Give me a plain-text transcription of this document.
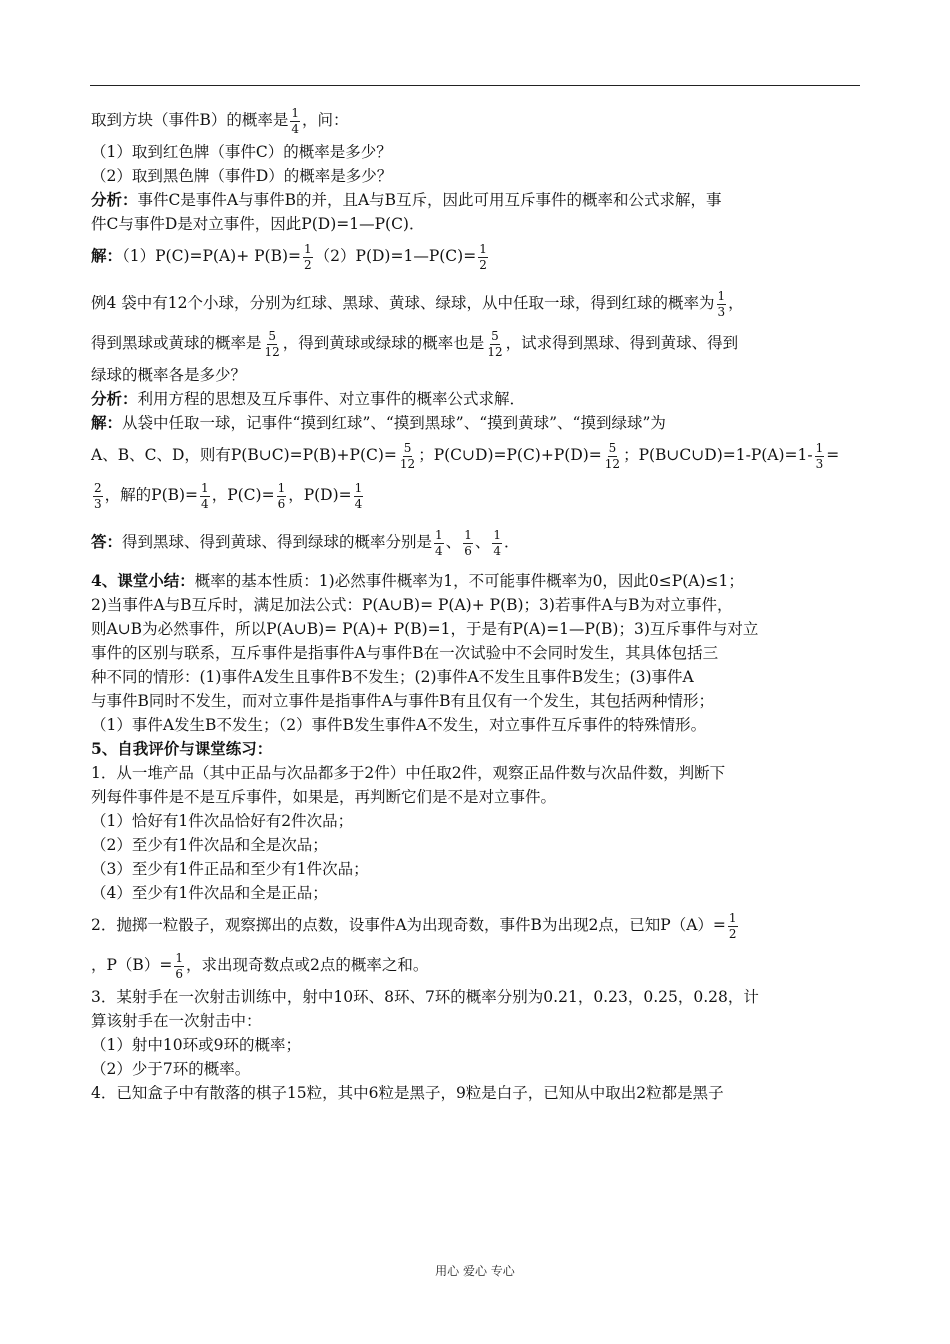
取到方块（事件B）的概率是 $\frac{1}{4}$ ，问：

（1）取到红色牌（事件C）的概率是多少？

（2）取到黑色牌（事件D）的概率是多少？

分析：事件C是事件A与事件B的并，且A与B互斥，因此可用互斥事件的概率和公式求解，事

件C与事件D是对立事件，因此P(D)=1—P(C)．

解：$(1)P(C)=P(A)+ P(B)= \frac{1}{2}$ （2）P(D)=1—P(C)= $\frac{1}{2}$

例4 袋中有12个小球，分别为红球、黑球、黄球、绿球，从中任取一球，得到红球的概率为 $\frac{1}{3}$ ，

得到黑球或黄球的概率是 $\frac{5}{12}$ ，得到黄球或绿球的概率也是 $\frac{5}{12}$ ，试求得到黑球、得到黄球、得到

绿球的概率各是多少？

分析：利用方程的思想及互斥事件、对立事件的概率公式求解．

解：从袋中任取一球，记事件“摸到红球”、“摸到黑球”、“摸到黄球”、“摸到绿球”为

A、B、C、D，则有P(B∪C)=P(B)+P(C)= $\frac{5}{12}$ ；P(C∪D)=P(C)+P(D)= $\frac{5}{12}$ ；P(B∪C∪D)=1-P(A)=1- $\frac{1}{3}$ =

$\frac{2}{3}$ ，解的$P(B)= \frac{1}{4}$ ，$P(C)= \frac{1}{6}$ ，$P(D)= \frac{1}{4}$

答：得到黑球、得到黄球、得到绿球的概率分别是 $\frac{1}{4}$ 、 $\frac{1}{6}$ 、 $\frac{1}{4}$ ．

4、课堂小结：概率的基本性质：1)必然事件概率为1，不可能事件概率为0，因此0≤P(A)≤1；

2)当事件A与B互斥时，满足加法公式：P(A∪B)= P(A)+ P(B)；3)若事件A与B为对立事件，

则A∪B为必然事件，所以P(A∪B)= P(A)+ P(B)=1，于是有P(A)=1—P(B)；3)互斥事件与对立

事件的区别与联系，互斥事件是指事件A与事件B在一次试验中不会同时发生，其具体包括三

种不同的情形：(1)事件A发生且事件B不发生；(2)事件A不发生且事件B发生；(3)事件A

与事件B同时不发生，而对立事件是指事件A与事件B有且仅有一个发生，其包括两种情形；

（1）事件A发生B不发生；（2）事件B发生事件A不发生，对立事件互斥事件的特殊情形。

5、自我评价与课堂练习：

1．从一堆产品（其中正品与次品都多于2件）中任取2件，观察正品件数与次品件数，判断下

列每件事件是不是互斥事件，如果是，再判断它们是不是对立事件。

（1）恰好有1件次品恰好有2件次品；

（2）至少有1件次品和全是次品；

（3）至少有1件正品和至少有1件次品；

（4）至少有1件次品和全是正品；

2．抛掷一粒骰子，观察掷出的点数，设事件A为出现奇数，事件B为出现2点，已知$P(A)= \frac{1}{2}$

，$P(B)= \frac{1}{6}$ ，求出现奇数点或2点的概率之和。

3．某射手在一次射击训练中，射中10环、8环、7环的概率分别为0.21，0.23，0.25，0.28，计

算该射手在一次射击中：

（1）射中10环或9环的概率；

（2）少于7环的概率。

4．已知盒子中有散落的棋子15粒，其中6粒是黑子，9粒是白子，已知从中取出2粒都是黑子

用心 爱心 专心
